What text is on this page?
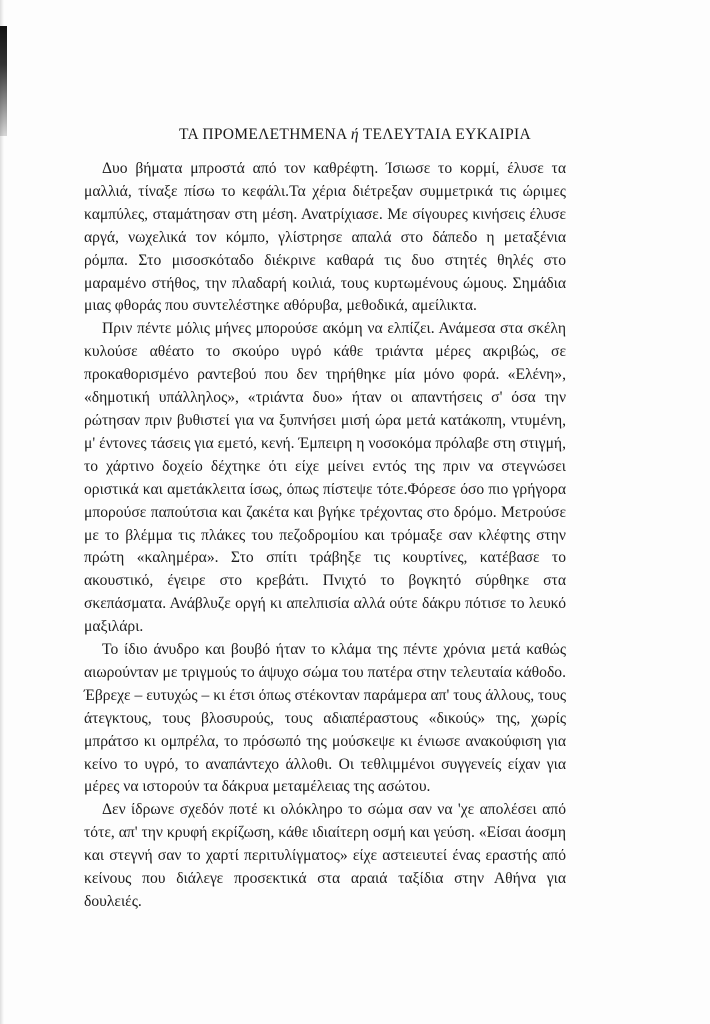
ΤΑ ΠΡΟΜΕΛΕΤΗΜΕΝΑ ή ΤΕΛΕΥΤΑΙΑ ΕΥΚΑΙΡΙΑ

Δυο βήματα μπροστά από τον καθρέφτη. Ίσιωσε το κορμί, έλυσε τα μαλλιά, τίναξε πίσω το κεφάλι.Τα χέρια διέτρεξαν συμμετρικά τις ώριμες καμπύλες, σταμάτησαν στη μέση. Ανατρίχιασε. Με σίγουρες κινήσεις έλυσε αργά, νωχελικά τον κόμπο, γλίστρησε απαλά στο δάπεδο η μεταξένια ρόμπα. Στο μισοσκόταδο διέκρινε καθαρά τις δυο στητές θηλές στο μαραμένο στήθος, την πλαδαρή κοιλιά, τους κυρτωμένους ώμους. Σημάδια μιας φθοράς που συντελέστηκε αθόρυβα, μεθοδικά, αμείλικτα.

Πριν πέντε μόλις μήνες μπορούσε ακόμη να ελπίζει. Ανάμεσα στα σκέλη κυλούσε αθέατο το σκούρο υγρό κάθε τριάντα μέρες ακριβώς, σε προκαθορισμένο ραντεβού που δεν τηρήθηκε μία μόνο φορά. «Ελένη», «δημοτική υπάλληλος», «τριάντα δυο» ήταν οι απαντήσεις σ' όσα την ρώτησαν πριν βυθιστεί για να ξυπνήσει μισή ώρα μετά κατάκοπη, ντυμένη, μ' έντονες τάσεις για εμετό, κενή. Έμπειρη η νοσοκόμα πρόλαβε στη στιγμή, το χάρτινο δοχείο δέχτηκε ότι είχε μείνει εντός της πριν να στεγνώσει οριστικά και αμετάκλειτα ίσως, όπως πίστεψε τότε.Φόρεσε όσο πιο γρήγορα μπορούσε παπούτσια και ζακέτα και βγήκε τρέχοντας στο δρόμο. Μετρούσε με το βλέμμα τις πλάκες του πεζοδρομίου και τρόμαξε σαν κλέφτης στην πρώτη «καλημέρα». Στο σπίτι τράβηξε τις κουρτίνες, κατέβασε το ακουστικό, έγειρε στο κρεβάτι. Πνιχτό το βογκητό σύρθηκε στα σκεπάσματα. Ανάβλυζε οργή κι απελπισία αλλά ούτε δάκρυ πότισε το λευκό μαξιλάρι.

Το ίδιο άνυδρο και βουβό ήταν το κλάμα της πέντε χρόνια μετά καθώς αιωρούνταν με τριγμούς το άψυχο σώμα του πατέρα στην τελευταία κάθοδο. Έβρεχε – ευτυχώς – κι έτσι όπως στέκονταν παράμερα απ' τους άλλους, τους άτεγκτους, τους βλοσυρούς, τους αδιαπέραστους «δικούς» της, χωρίς μπράτσο κι ομπρέλα, το πρόσωπό της μούσκεψε κι ένιωσε ανακούφιση για κείνο το υγρό, το αναπάντεχο άλλοθι. Οι τεθλιμμένοι συγγενείς είχαν για μέρες να ιστορούν τα δάκρυα μεταμέλειας της ασώτου.

Δεν ίδρωνε σχεδόν ποτέ κι ολόκληρο το σώμα σαν να 'χε απολέσει από τότε, απ' την κρυφή εκρίζωση, κάθε ιδιαίτερη οσμή και γεύση. «Είσαι άοσμη και στεγνή σαν το χαρτί περιτυλίγματος» είχε αστειευτεί ένας εραστής από κείνους που διάλεγε προσεκτικά στα αραιά ταξίδια στην Αθήνα για δουλειές.
